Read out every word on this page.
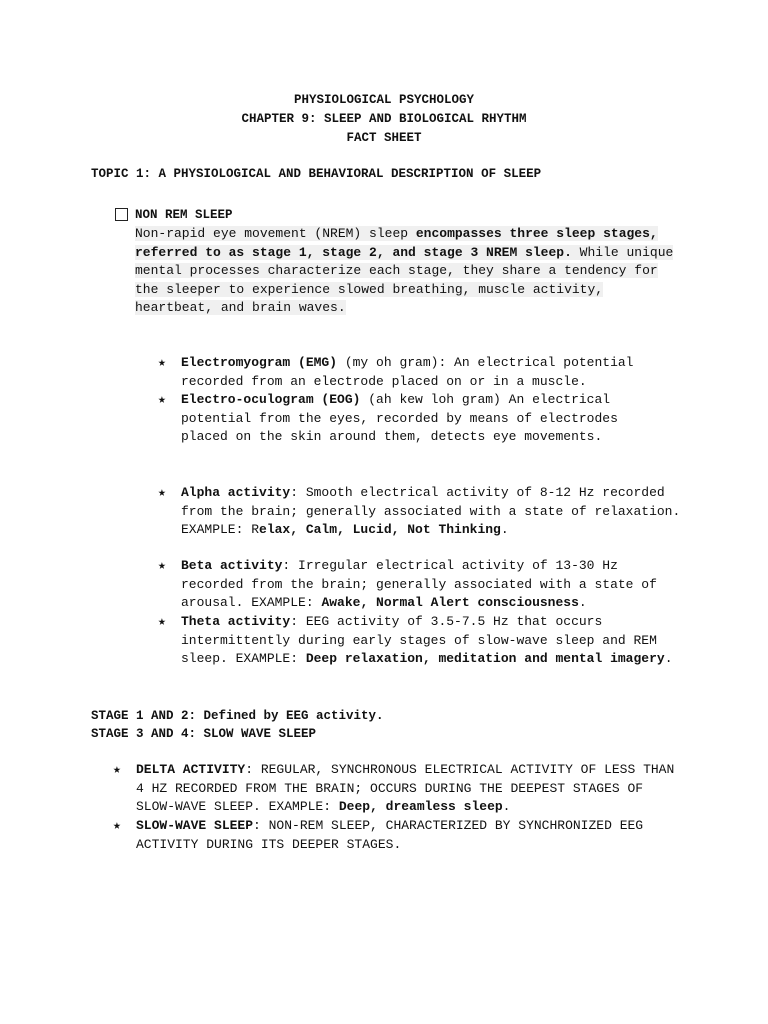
PHYSIOLOGICAL PSYCHOLOGY
CHAPTER 9: SLEEP AND BIOLOGICAL RHYTHM
FACT SHEET
TOPIC 1: A PHYSIOLOGICAL AND BEHAVIORAL DESCRIPTION OF SLEEP
NON REM SLEEP
Non-rapid eye movement (NREM) sleep encompasses three sleep stages, referred to as stage 1, stage 2, and stage 3 NREM sleep. While unique mental processes characterize each stage, they share a tendency for the sleeper to experience slowed breathing, muscle activity, heartbeat, and brain waves.
★ Electromyogram (EMG) (my oh gram): An electrical potential recorded from an electrode placed on or in a muscle.
★ Electro-oculogram (EOG) (ah kew loh gram) An electrical potential from the eyes, recorded by means of electrodes placed on the skin around them, detects eye movements.
★ Alpha activity: Smooth electrical activity of 8-12 Hz recorded from the brain; generally associated with a state of relaxation. EXAMPLE: Relax, Calm, Lucid, Not Thinking.
★ Beta activity: Irregular electrical activity of 13-30 Hz recorded from the brain; generally associated with a state of arousal. EXAMPLE: Awake, Normal Alert consciousness.
★ Theta activity: EEG activity of 3.5-7.5 Hz that occurs intermittently during early stages of slow-wave sleep and REM sleep. EXAMPLE: Deep relaxation, meditation and mental imagery.
STAGE 1 AND 2: Defined by EEG activity.
STAGE 3 AND 4: SLOW WAVE SLEEP
★ DELTA ACTIVITY: REGULAR, SYNCHRONOUS ELECTRICAL ACTIVITY OF LESS THAN 4 HZ RECORDED FROM THE BRAIN; OCCURS DURING THE DEEPEST STAGES OF SLOW-WAVE SLEEP. EXAMPLE: Deep, dreamless sleep.
★ SLOW-WAVE SLEEP: NON-REM SLEEP, CHARACTERIZED BY SYNCHRONIZED EEG ACTIVITY DURING ITS DEEPER STAGES.
